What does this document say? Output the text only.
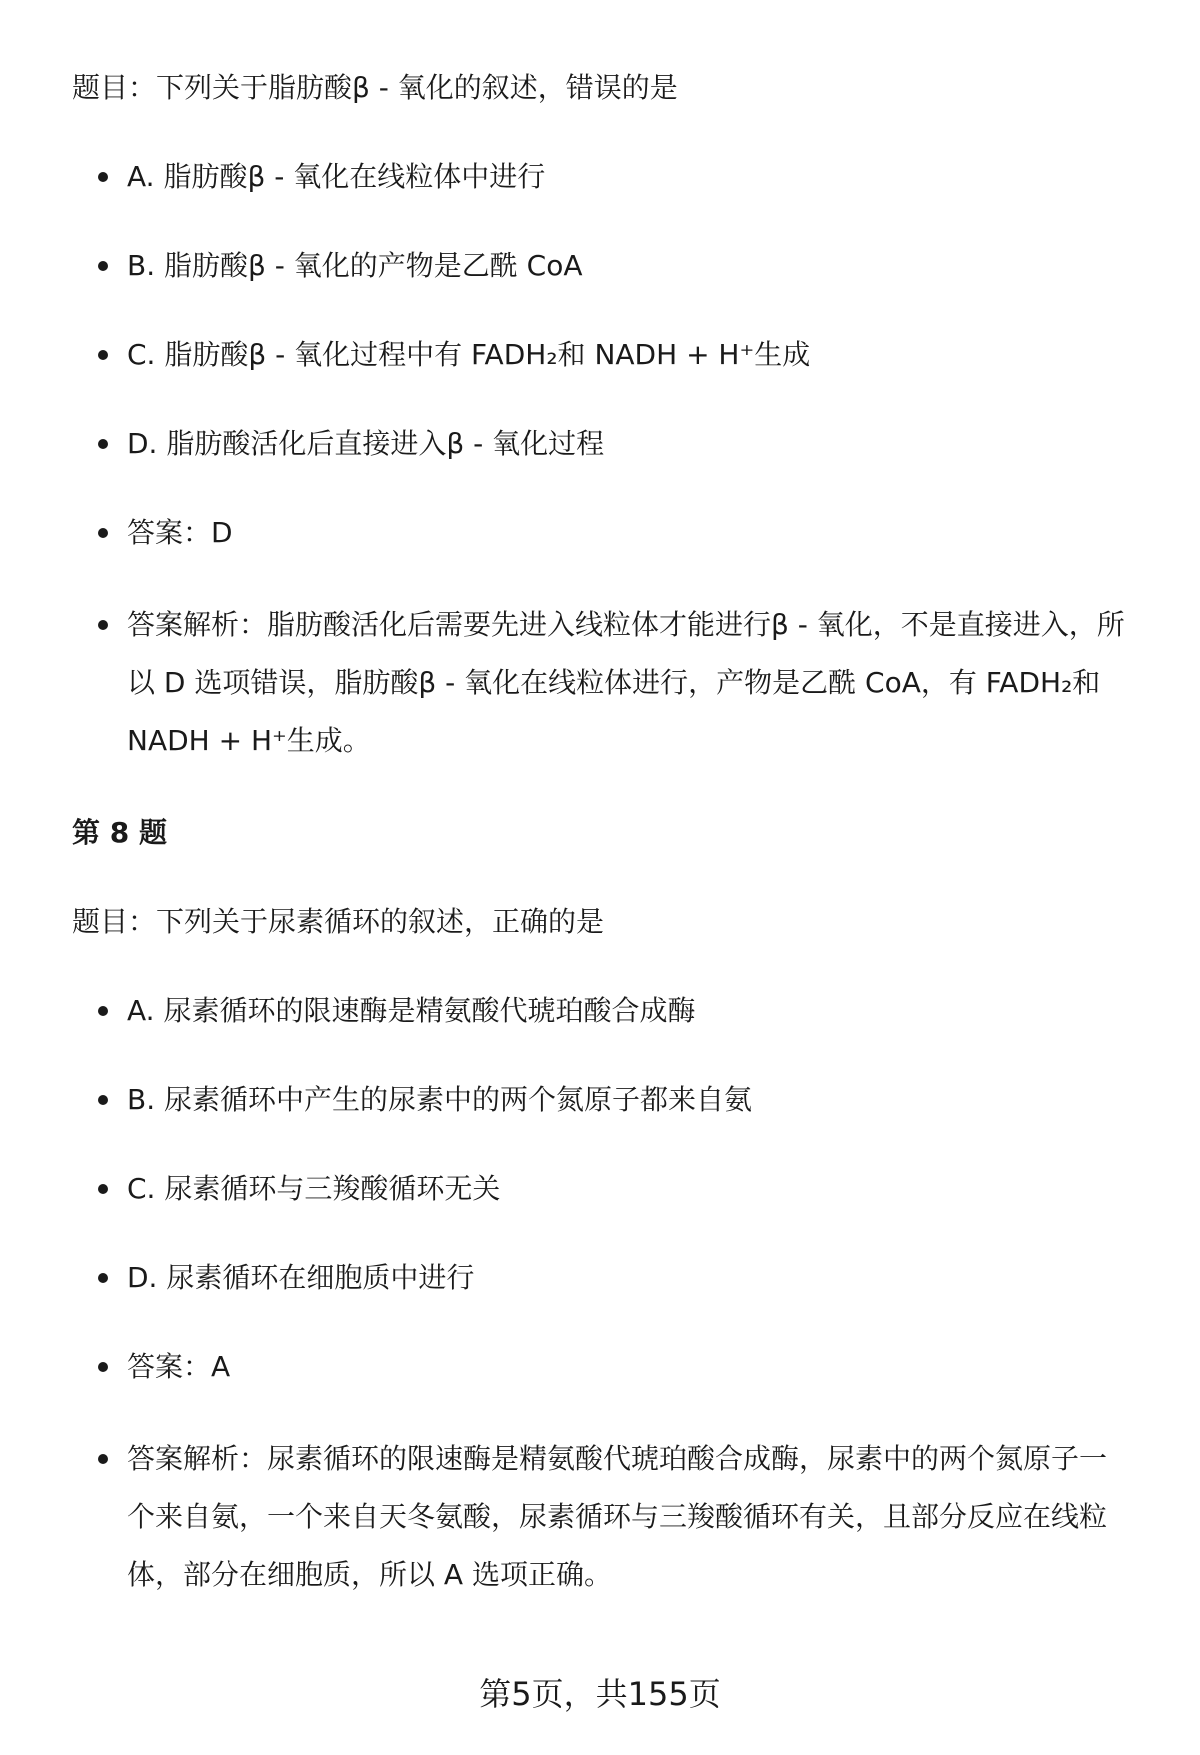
题目：下列关于脂肪酸β - 氧化的叙述，错误的是
A. 脂肪酸β - 氧化在线粒体中进行
B. 脂肪酸β - 氧化的产物是乙酰 CoA
C. 脂肪酸β - 氧化过程中有 FADH₂和 NADH + H⁺生成
D. 脂肪酸活化后直接进入β - 氧化过程
答案：D
答案解析：脂肪酸活化后需要先进入线粒体才能进行β - 氧化，不是直接进入，所以 D 选项错误，脂肪酸β - 氧化在线粒体进行，产物是乙酰 CoA，有 FADH₂和 NADH + H⁺生成。
第 8 题
题目：下列关于尿素循环的叙述，正确的是
A. 尿素循环的限速酶是精氨酸代琥珀酸合成酶
B. 尿素循环中产生的尿素中的两个氮原子都来自氨
C. 尿素循环与三羧酸循环无关
D. 尿素循环在细胞质中进行
答案：A
答案解析：尿素循环的限速酶是精氨酸代琥珀酸合成酶，尿素中的两个氮原子一个来自氨，一个来自天冬氨酸，尿素循环与三羧酸循环有关，且部分反应在线粒体，部分在细胞质，所以 A 选项正确。
第5页，共155页
